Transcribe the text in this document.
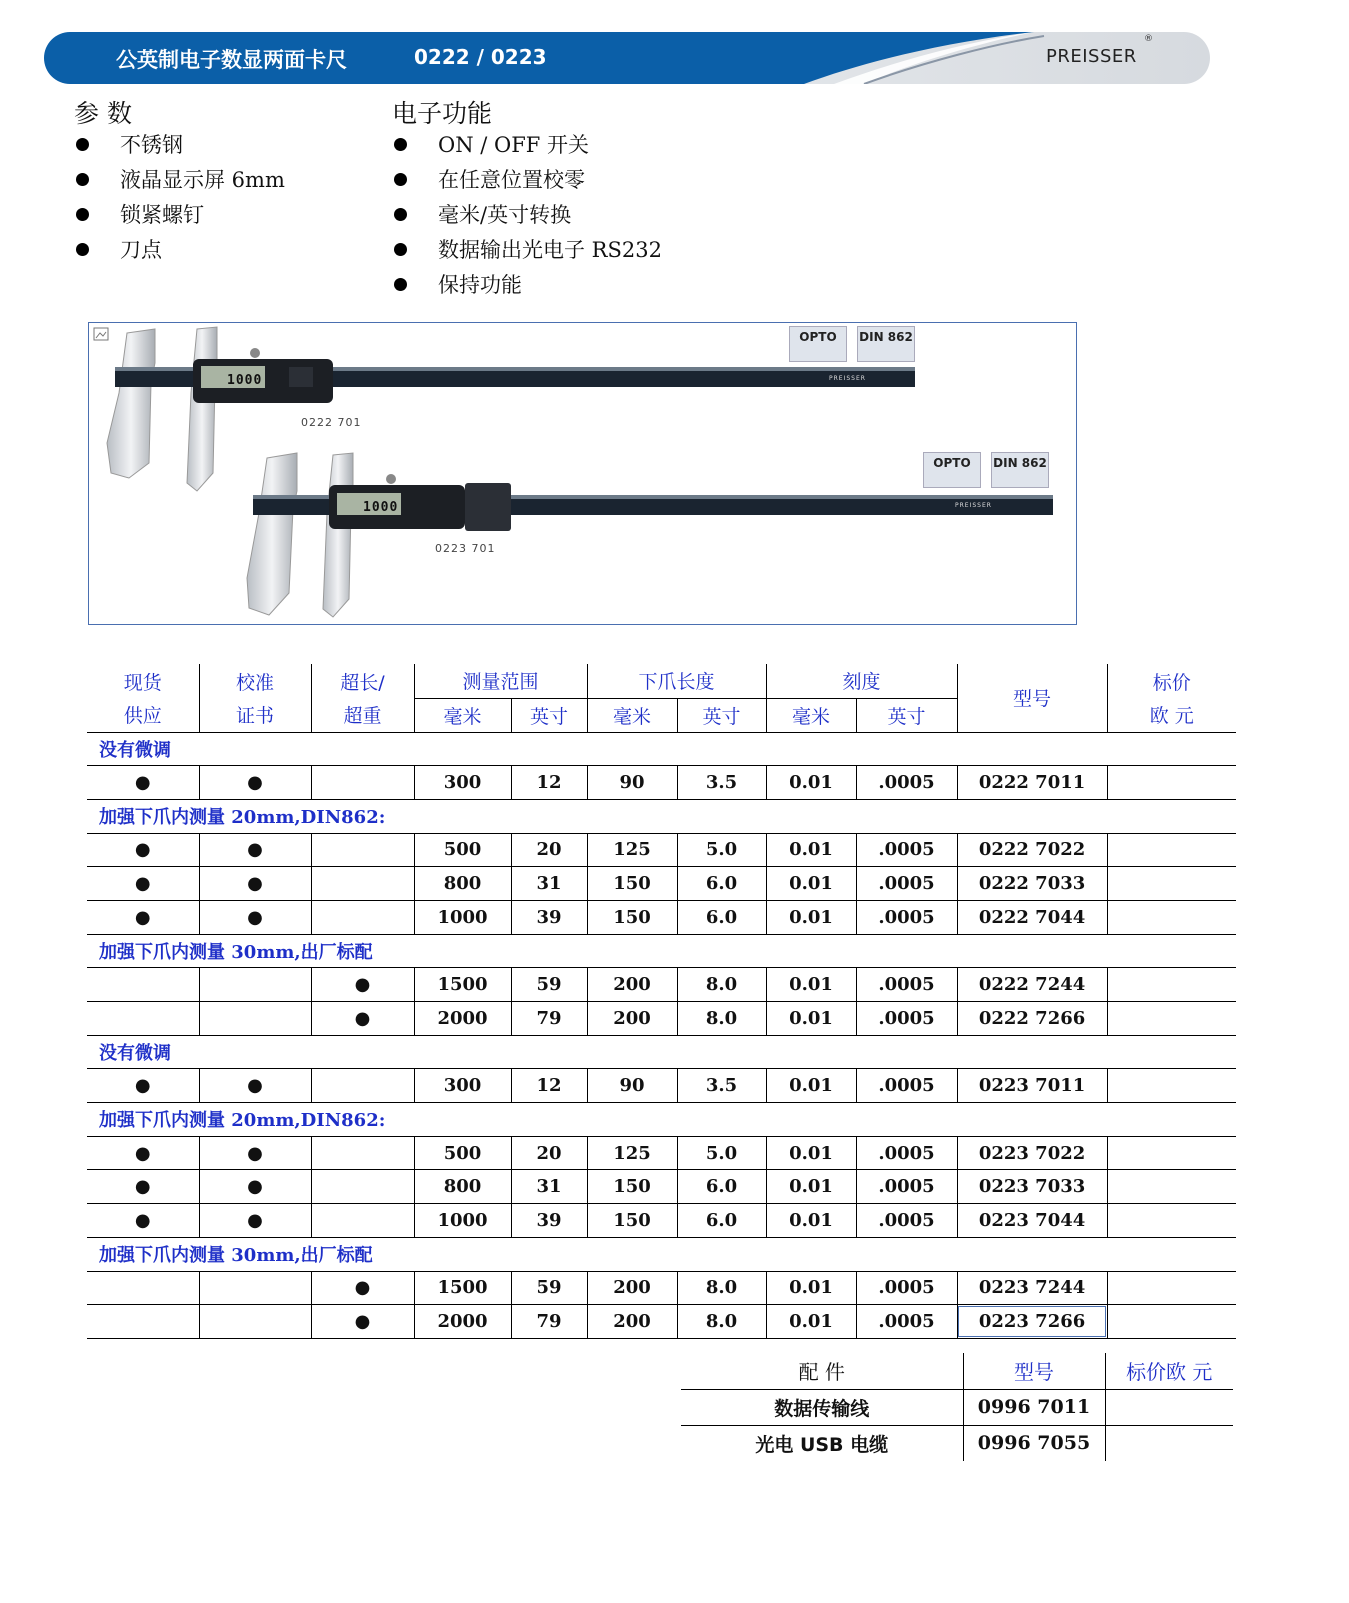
公英制电子数显两面卡尺	0222 / 0223	PREISSER
®
参 数
不锈钢
液晶显示屏 6mm
锁紧螺钉
刀点
电子功能
ON / OFF 开关
在任意位置校零
毫米/英寸转换
数据输出光电子 RS232
保持功能
1000
1000
0222 701
0223 701
PREISSER
PREISSER
OPTO	DIN 862
OPTO	DIN 862
现货	校准	超长/	测量范围		下爪长度		刻度		型号	标价
供应	证书	超重	毫米	英寸	毫米	英寸	毫米	英寸		欧 元
没有微调										
●	●		300	12	90	3.5	0.01	.0005	0222 7011	
加强下爪内测量 20mm,DIN862:										
●	●		500	20	125	5.0	0.01	.0005	0222 7022	
●	●		800	31	150	6.0	0.01	.0005	0222 7033	
●	●		1000	39	150	6.0	0.01	.0005	0222 7044	
加强下爪内测量 30mm,出厂标配										
		●	1500	59	200	8.0	0.01	.0005	0222 7244	
		●	2000	79	200	8.0	0.01	.0005	0222 7266	
没有微调										
●	●		300	12	90	3.5	0.01	.0005	0223 7011	
加强下爪内测量 20mm,DIN862:										
●	●		500	20	125	5.0	0.01	.0005	0223 7022	
●	●		800	31	150	6.0	0.01	.0005	0223 7033	
●	●		1000	39	150	6.0	0.01	.0005	0223 7044	
加强下爪内测量 30mm,出厂标配										
		●	1500	59	200	8.0	0.01	.0005	0223 7244	
		●	2000	79	200	8.0	0.01	.0005	0223 7266	
配 件	型号	标价欧 元
数据传输线	0996 7011	
光电 USB 电缆	0996 7055	
